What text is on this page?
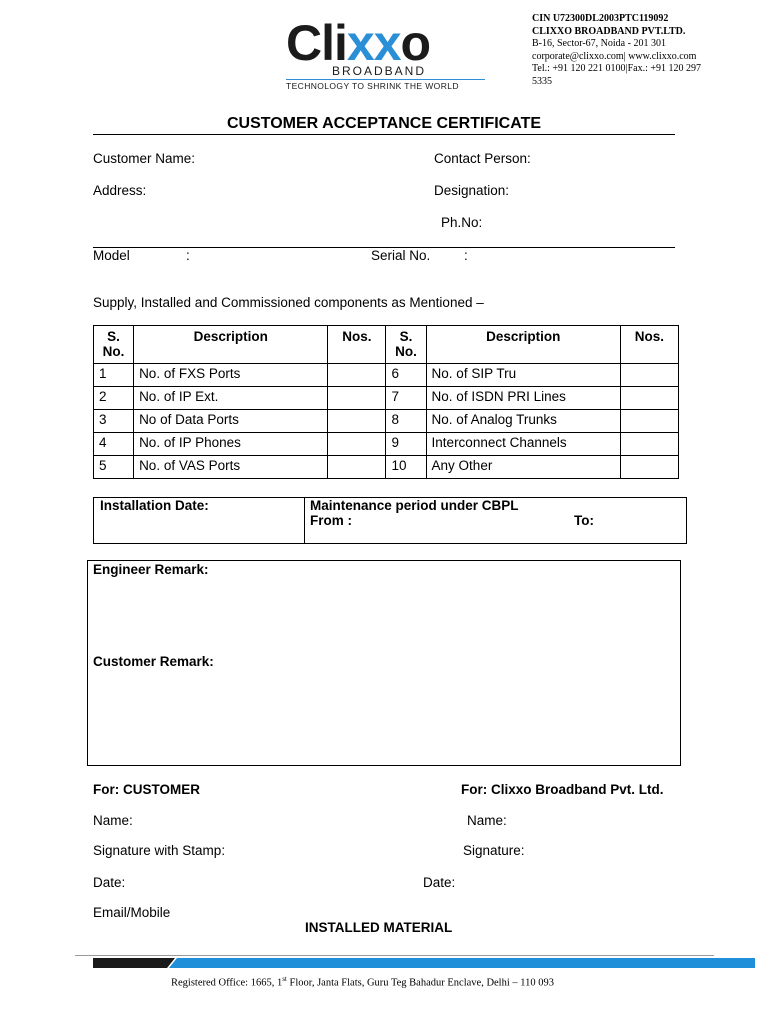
Clixxo
BROADBAND
TECHNOLOGY TO SHRINK THE WORLD
CIN U72300DL2003PTC119092
CLIXXO BROADBAND PVT.LTD.
B-16, Sector-67, Noida - 201 301
corporate@clixxo.com| www.clixxo.com
Tel.: +91 120 221 0100|Fax.: +91 120 297
5335
CUSTOMER ACCEPTANCE CERTIFICATE
Customer Name:	Contact Person:
Address:	Designation:
Ph.No:
Model	:	Serial No. :
Supply, Installed and Commissioned components as Mentioned –
S. No.	Description	Nos.	S. No.	Description	Nos.
1	No. of FXS Ports		6	No. of SIP Tru	
2	No. of IP Ext.		7	No. of ISDN PRI Lines	
3	No of Data Ports		8	No. of Analog Trunks	
4	No. of IP Phones		9	Interconnect Channels	
5	No. of VAS Ports		10	Any Other	
Installation Date:	Maintenance period under CBPL
From :	To:
Engineer Remark:
Customer Remark:
For: CUSTOMER	For: Clixxo Broadband Pvt. Ltd.
Name:	Name:
Signature with Stamp:	Signature:
Date:	Date:
Email/Mobile
INSTALLED MATERIAL
Registered Office: 1665, 1st Floor, Janta Flats, Guru Teg Bahadur Enclave, Delhi – 110 093
